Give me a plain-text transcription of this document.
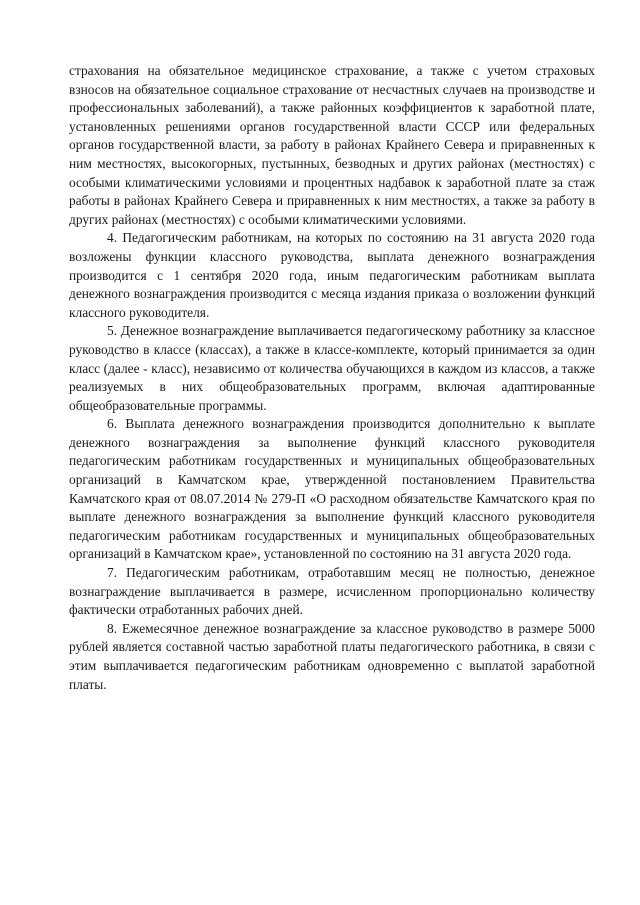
страхования на обязательное медицинское страхование, а также с учетом страховых взносов на обязательное социальное страхование от несчастных случаев на производстве и профессиональных заболеваний), а также районных коэффициентов к заработной плате, установленных решениями органов государственной власти СССР или федеральных органов государственной власти, за работу в районах Крайнего Севера и приравненных к ним местностях, высокогорных, пустынных, безводных и других районах (местностях) с особыми климатическими условиями и процентных надбавок к заработной плате за стаж работы в районах Крайнего Севера и приравненных к ним местностях, а также за работу в других районах (местностях) с особыми климатическими условиями.

4. Педагогическим работникам, на которых по состоянию на 31 августа 2020 года возложены функции классного руководства, выплата денежного вознаграждения производится с 1 сентября 2020 года, иным педагогическим работникам выплата денежного вознаграждения производится с месяца издания приказа о возложении функций классного руководителя.

5. Денежное вознаграждение выплачивается педагогическому работнику за классное руководство в классе (классах), а также в классе-комплекте, который принимается за один класс (далее - класс), независимо от количества обучающихся в каждом из классов, а также реализуемых в них общеобразовательных программ, включая адаптированные общеобразовательные программы.

6. Выплата денежного вознаграждения производится дополнительно к выплате денежного вознаграждения за выполнение функций классного руководителя педагогическим работникам государственных и муниципальных общеобразовательных организаций в Камчатском крае, утвержденной постановлением Правительства Камчатского края от 08.07.2014 № 279-П «О расходном обязательстве Камчатского края по выплате денежного вознаграждения за выполнение функций классного руководителя педагогическим работникам государственных и муниципальных общеобразовательных организаций в Камчатском крае», установленной по состоянию на 31 августа 2020 года.

7. Педагогическим работникам, отработавшим месяц не полностью, денежное вознаграждение выплачивается в размере, исчисленном пропорционально количеству фактически отработанных рабочих дней.

8. Ежемесячное денежное вознаграждение за классное руководство в размере 5000 рублей является составной частью заработной платы педагогического работника, в связи с этим выплачивается педагогическим работникам одновременно с выплатой заработной платы.
